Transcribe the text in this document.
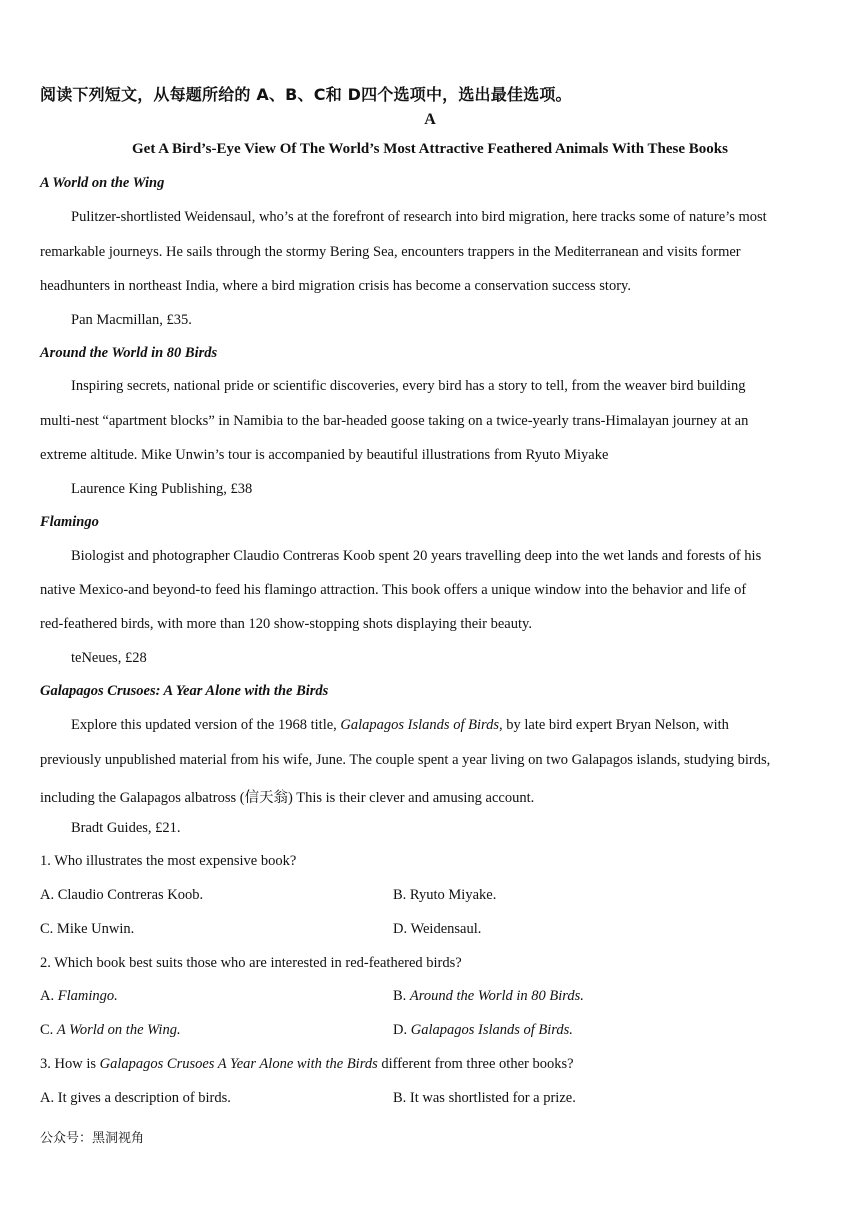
阅读下列短文，从每题所给的 A、B、C和 D四个选项中，选出最佳选项。
A
Get A Bird’s-Eye View Of The World’s Most Attractive Feathered Animals With These Books
A World on the Wing
Pulitzer-shortlisted Weidensaul, who’s at the forefront of research into bird migration, here tracks some of nature’s most
remarkable journeys. He sails through the stormy Bering Sea, encounters trappers in the Mediterranean and visits former
headhunters in northeast India, where a bird migration crisis has become a conservation success story.
Pan Macmillan, £35.
Around the World in 80 Birds
Inspiring secrets, national pride or scientific discoveries, every bird has a story to tell, from the weaver bird building
multi-nest “apartment blocks” in Namibia to the bar-headed goose taking on a twice-yearly trans-Himalayan journey at an
extreme altitude. Mike Unwin’s tour is accompanied by beautiful illustrations from Ryuto Miyake
Laurence King Publishing, £38
Flamingo
Biologist and photographer Claudio Contreras Koob spent 20 years travelling deep into the wet lands and forests of his
native Mexico-and beyond-to feed his flamingo attraction. This book offers a unique window into the behavior and life of
red-feathered birds, with more than 120 show-stopping shots displaying their beauty.
teNeues, £28
Galapagos Crusoes: A Year Alone with the Birds
Explore this updated version of the 1968 title, Galapagos Islands of Birds, by late bird expert Bryan Nelson, with
previously unpublished material from his wife, June. The couple spent a year living on two Galapagos islands, studying birds,
including the Galapagos albatross (信天翁) This is their clever and amusing account.
Bradt Guides, £21.
1. Who illustrates the most expensive book?
A. Claudio Contreras Koob.	B. Ryuto Miyake.
C. Mike Unwin.	D. Weidensaul.
2. Which book best suits those who are interested in red-feathered birds?
A. Flamingo.	B. Around the World in 80 Birds.
C. A World on the Wing.	D. Galapagos Islands of Birds.
3. How is Galapagos Crusoes A Year Alone with the Birds different from three other books?
A. It gives a description of birds.	B. It was shortlisted for a prize.
公众号：黑洞视角
